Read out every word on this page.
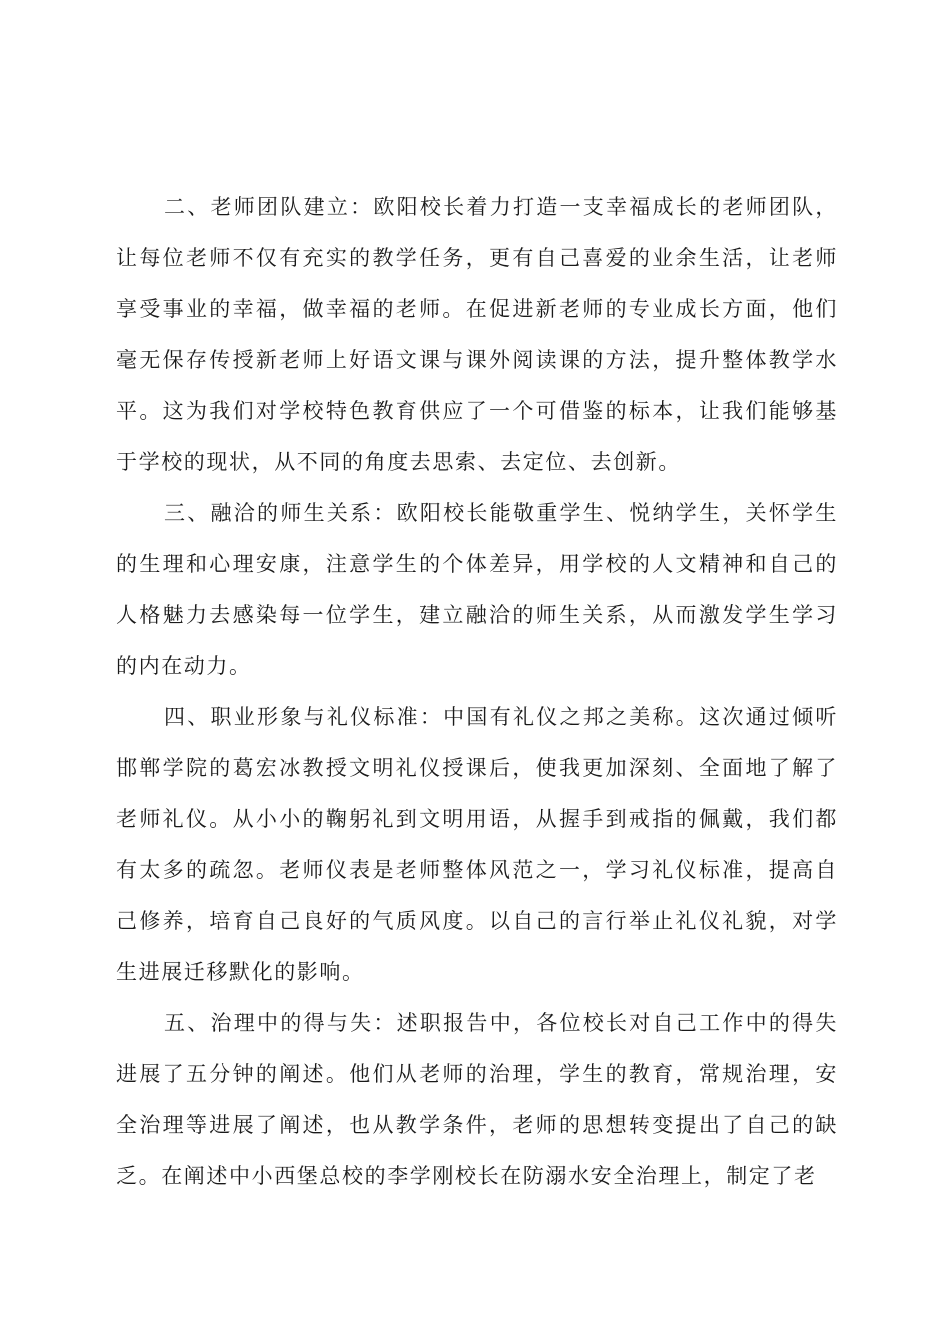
二、老师团队建立：欧阳校长着力打造一支幸福成长的老师团队，让每位老师不仅有充实的教学任务，更有自己喜爱的业余生活，让老师享受事业的幸福，做幸福的老师。在促进新老师的专业成长方面，他们毫无保存传授新老师上好语文课与课外阅读课的方法，提升整体教学水平。这为我们对学校特色教育供应了一个可借鉴的标本，让我们能够基于学校的现状，从不同的角度去思索、去定位、去创新。

三、融洽的师生关系：欧阳校长能敬重学生、悦纳学生，关怀学生的生理和心理安康，注意学生的个体差异，用学校的人文精神和自己的人格魅力去感染每一位学生，建立融洽的师生关系，从而激发学生学习的内在动力。

四、职业形象与礼仪标准：中国有礼仪之邦之美称。这次通过倾听邯郸学院的葛宏冰教授文明礼仪授课后，使我更加深刻、全面地了解了老师礼仪。从小小的鞠躬礼到文明用语，从握手到戒指的佩戴，我们都有太多的疏忽。老师仪表是老师整体风范之一，学习礼仪标准，提高自己修养，培育自己良好的气质风度。以自己的言行举止礼仪礼貌，对学生进展迁移默化的影响。

五、治理中的得与失：述职报告中，各位校长对自己工作中的得失进展了五分钟的阐述。他们从老师的治理，学生的教育，常规治理，安全治理等进展了阐述，也从教学条件，老师的思想转变提出了自己的缺乏。在阐述中小西堡总校的李学刚校长在防溺水安全治理上，制定了老
